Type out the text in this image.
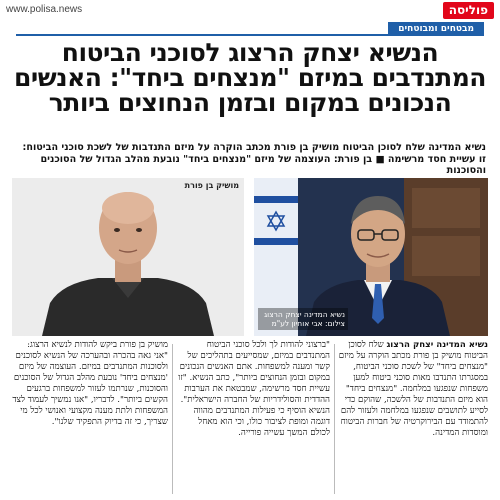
www.polisa.news	פוליסה
מבטחים ומבוטחים
הנשיא יצחק הרצוג לסוכני הביטוח המתנדבים במיזם "מנצחים ביחד": האנשים הנכונים במקום ובזמן הנחוצים ביותר

נשיא המדינה שלח לסוכן הביטוח מושיק בן פורת מכתב הוקרה על מיזם התנדבות של לשכת סוכני הביטוח: זו עשיית חסד מרשימה ■ בן פורת: העוצמה של מיזם "מנצחים ביחד" נובעת מהלב הגדול של הסוכנים והסוכנות

מושיק בן פורת
נשיא המדינה יצחק הרצוג צילום: אבי אוחיון לע"מ
נשיא המדינה יצחק הרצוג שלח לסוכן הביטוח מושיק בן פורת מכתב הוקרה על מיזם "מנצחים ביחד" של לשכת סוכני הביטוח, במסגרתו התנדבו מאות סוכני ביטוח למען משפחות שנפגעו במלחמה. "מנצחים ביחד" הוא מיזם התנדבות של הלשכה, שהוקם כדי לסייע לתושבים שנפגעו במלחמה ולעזור להם להתמודד עם הבירוקרטיה של חברות הביטוח ומוסדות המדינה.
"ברצוני להודות לך ולכל סוכני הביטוח המתנדבים במיזם, שמסייעים בתהליכים של קשר ומענה למשפחות. אתם האנשים הנכונים במקום ובזמן הנחוצים ביותר", כתב הנשיא. "זו עשיית חסד מרשימה, שמבטאת את הערבות ההדדית והסולידריות של החברה הישראלית". הנשיא הוסיף כי פעילות המתנדבים מהווה דוגמה ומופת לציבור כולו, וכי הוא מאחל לכולם המשך עשייה פורייה.
מושיק בן פורת ביקש להודות לנשיא הרצוג: "אני גאה בהכרה ובהערכה של הנשיא לסוכנים ולסוכנות המתנדבים במיזם. העוצמה של מיזם 'מנצחים ביחד' נובעת מהלב הגדול של הסוכנים והסוכנות, שנרתמו לעזור למשפחות ברגעים הקשים ביותר". לדבריו, "אנו נמשיך לעמוד לצד המשפחות ולתת מענה מקצועי ואנושי לכל מי שצריך, כי זה בדיוק התפקיד שלנו".
